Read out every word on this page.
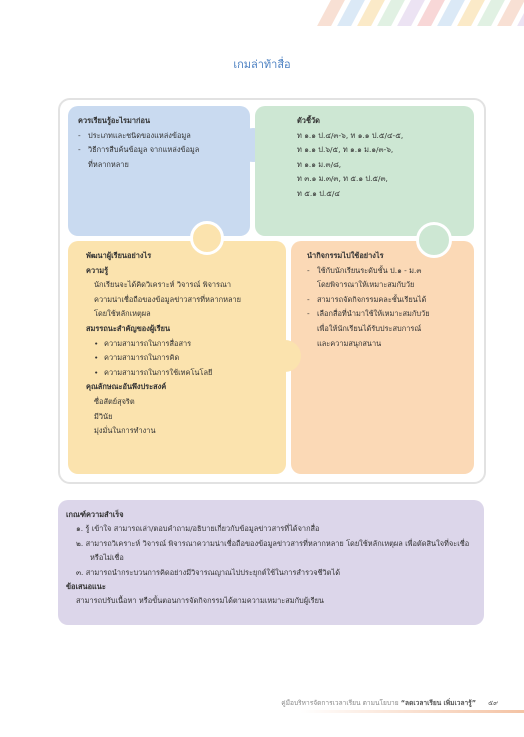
เกมล่าท้าสื่อ
ควรเรียนรู้อะไรมาก่อน
- ประเภทและชนิดของแหล่งข้อมูล
- วิธีการสืบค้นข้อมูล จากแหล่งข้อมูล
ที่หลากหลาย
ตัวชี้วัด
ท ๑.๑ ป.๔/๓-๖, ท ๑.๑ ป.๕/๔-๕,
ท ๑.๑ ป.๖/๕, ท ๑.๑ ม.๑/๓-๖,
ท ๑.๑ ม.๓/๘,
ท ๓.๑ ม.๓/๓, ท ๕.๑ ป.๕/๓,
ท ๕.๑ ป.๕/๔
พัฒนาผู้เรียนอย่างไร
ความรู้
นักเรียนจะได้คิดวิเคราะห์ วิจารณ์ พิจารณา
ความน่าเชื่อถือของข้อมูลข่าวสารที่หลากหลาย
โดยใช้หลักเหตุผล
สมรรถนะสำคัญของผู้เรียน
• ความสามารถในการสื่อสาร
• ความสามารถในการคิด
• ความสามารถในการใช้เทคโนโลยี
คุณลักษณะอันพึงประสงค์
ซื่อสัตย์สุจริต
มีวินัย
มุ่งมั่นในการทำงาน
นำกิจกรรมไปใช้อย่างไร
- ใช้กับนักเรียนระดับชั้น ป.๑ - ม.๓
โดยพิจารณาให้เหมาะสมกับวัย
- สามารถจัดกิจกรรมคละชั้นเรียนได้
- เลือกสื่อที่นำมาใช้ให้เหมาะสมกับวัย
เพื่อให้นักเรียนได้รับประสบการณ์
และความสนุกสนาน
เกณฑ์ความสำเร็จ
๑. รู้ เข้าใจ สามารถเล่า/ตอบคำถาม/อธิบายเกี่ยวกับข้อมูลข่าวสารที่ได้จากสื่อ
๒. สามารถวิเคราะห์ วิจารณ์ พิจารณาความน่าเชื่อถือของข้อมูลข่าวสารที่หลากหลาย โดยใช้หลักเหตุผล เพื่อตัดสินใจที่จะเชื่อหรือไม่เชื่อ
๓. สามารถนำกระบวนการคิดอย่างมีวิจารณญาณไปประยุกต์ใช้ในการสำรวจชีวิตได้
ข้อเสนอแนะ
สามารถปรับเนื้อหา หรือขั้นตอนการจัดกิจกรรมได้ตามความเหมาะสมกับผู้เรียน
คู่มือบริหารจัดการเวลาเรียน ตามนโยบาย “ลดเวลาเรียน เพิ่มเวลารู้” ๕๙
